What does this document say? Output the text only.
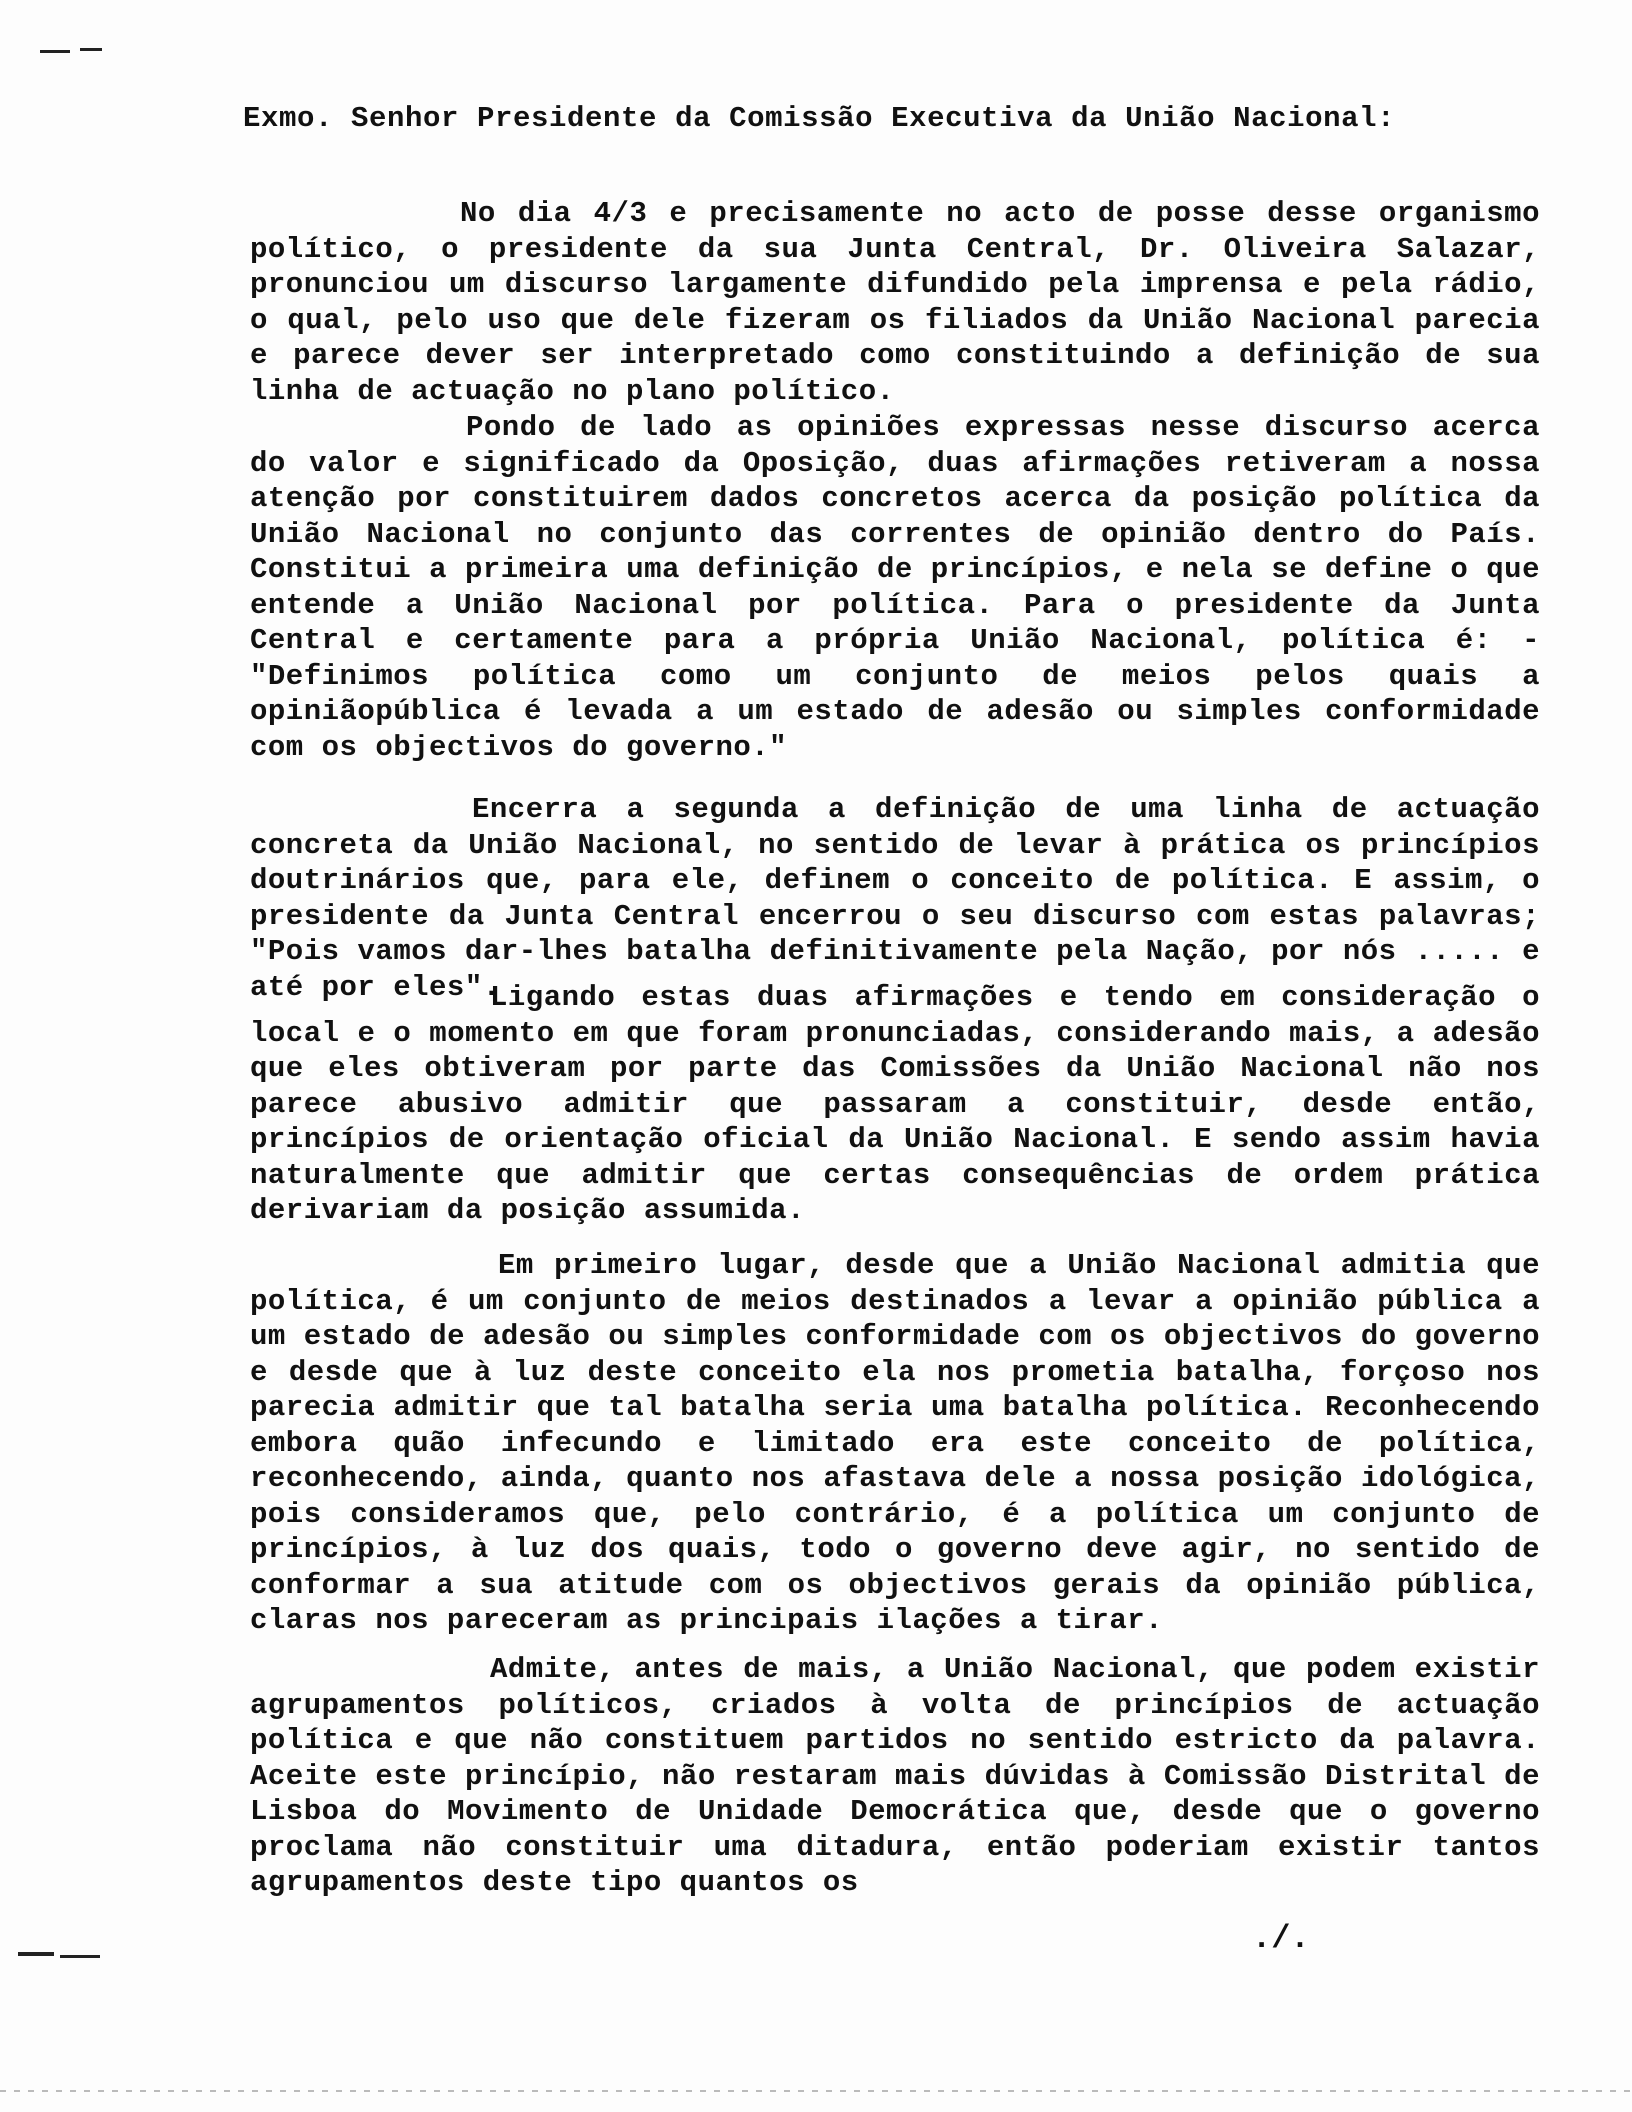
Exmo. Senhor Presidente da Comissão Executiva da União Nacional:
No dia 4/3 e precisamente no acto de posse desse organismo político, o presidente da sua Junta Central, Dr. Oliveira Salazar, pronunciou um discurso largamente difundido pela imprensa e pela rádio, o qual, pelo uso que dele fizeram os filiados da União Nacional parecia e parece dever ser interpretado como constituindo a definição de sua linha de actuação no plano político.
Pondo de lado as opiniões expressas nesse discurso acerca do valor e significado da Oposição, duas afirmações retiveram a nossa atenção por constituirem dados concretos acerca da posição política da União Nacional no conjunto das correntes de opinião dentro do País. Constitui a primeira uma definição de princípios, e nela se define o que entende a União Nacional por política. Para o presidente da Junta Central e certamente para a própria União Nacional, política é: -"Definimos política como um conjunto de meios pelos quais a opiniãopública é levada a um estado de adesão ou simples conformidade com os objectivos do governo."
Encerra a segunda a definição de uma linha de actuação concreta da União Nacional, no sentido de levar à prática os princípios doutrinários que, para ele, definem o conceito de política. E assim, o presidente da Junta Central encerrou o seu discurso com estas palavras; "Pois vamos dar-lhes batalha definitivamente pela Nação, por nós ..... e até por eles".
Ligando estas duas afirmações e tendo em consideração o local e o momento em que foram pronunciadas, considerando mais, a adesão que eles obtiveram por parte das Comissões da União Nacional não nos parece abusivo admitir que passaram a constituir, desde então, princípios de orientação oficial da União Nacional. E sendo assim havia naturalmente que admitir que certas consequências de ordem prática derivariam da posição assumida.
Em primeiro lugar, desde que a União Nacional admitia que política, é um conjunto de meios destinados a levar a opinião pública a um estado de adesão ou simples conformidade com os objectivos do governo e desde que à luz deste conceito ela nos prometia batalha, forçoso nos parecia admitir que tal batalha seria uma batalha política. Reconhecendo embora quão infecundo e limitado era este conceito de política, reconhecendo, ainda, quanto nos afastava dele a nossa posição idológica, pois consideramos que, pelo contrário, é a política um conjunto de princípios, à luz dos quais, todo o governo deve agir, no sentido de conformar a sua atitude com os objectivos gerais da opinião pública, claras nos pareceram as principais ilações a tirar.
Admite, antes de mais, a União Nacional, que podem existir agrupamentos políticos, criados à volta de princípios de actuação política e que não constituem partidos no sentido estricto da palavra. Aceite este princípio, não restaram mais dúvidas à Comissão Distrital de Lisboa do Movimento de Unidade Democrática que, desde que o governo proclama não constituir uma ditadura, então poderiam existir tantos agrupamentos deste tipo quantos os
./.
